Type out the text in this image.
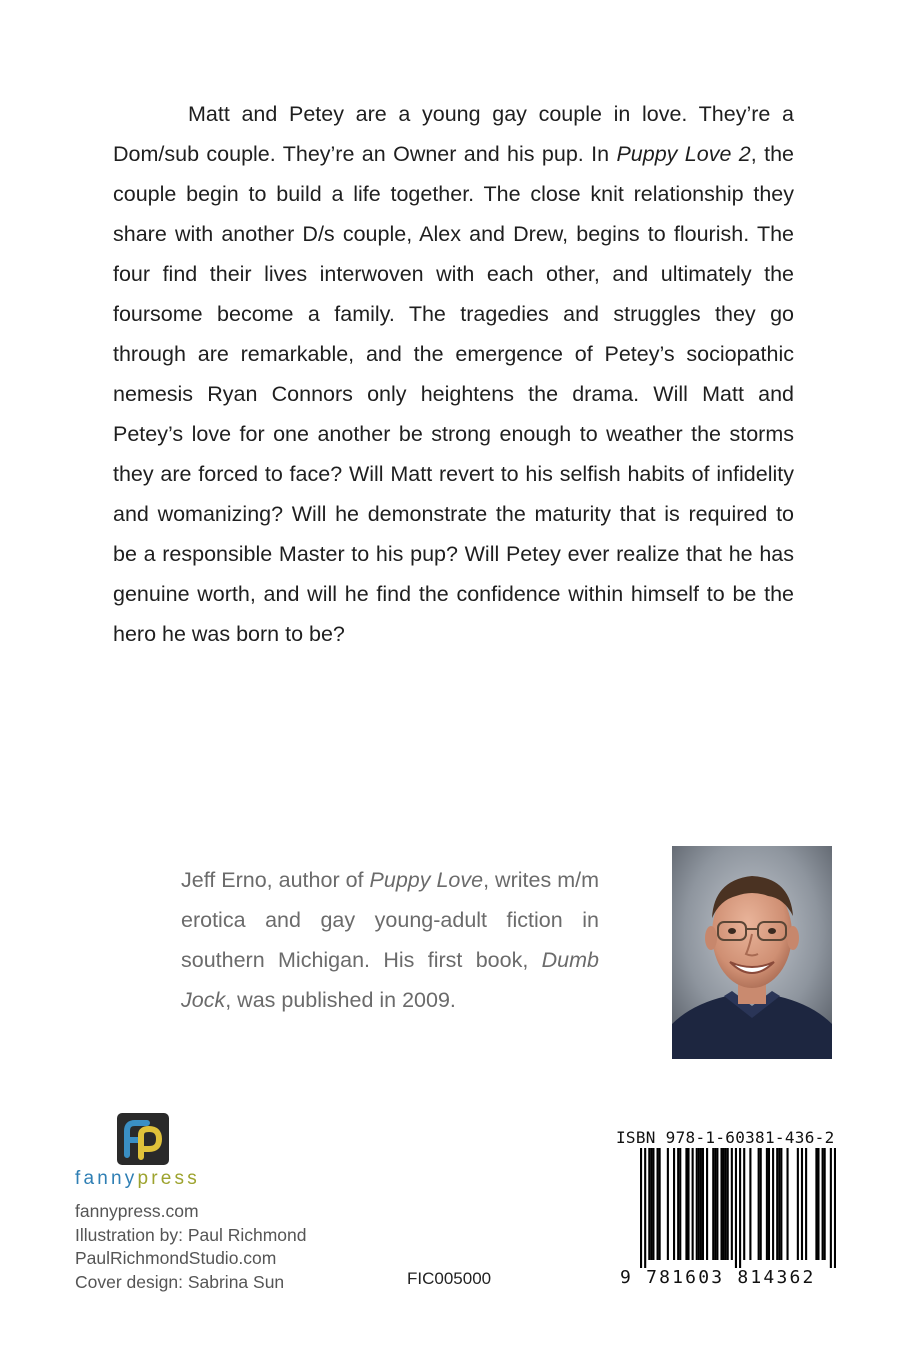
Matt and Petey are a young gay couple in love. They’re a Dom/sub couple. They’re an Owner and his pup. In Puppy Love 2, the couple begin to build a life together. The close knit relationship they share with another D/s couple, Alex and Drew, begins to flourish. The four find their lives interwoven with each other, and ultimately the foursome become a family. The tragedies and struggles they go through are remarkable, and the emergence of Petey’s sociopathic nemesis Ryan Connors only heightens the drama. Will Matt and Petey’s love for one another be strong enough to weather the storms they are forced to face? Will Matt revert to his selfish habits of infidelity and womanizing? Will he demonstrate the maturity that is required to be a responsible Master to his pup? Will Petey ever realize that he has genuine worth, and will he find the confidence within himself to be the hero he was born to be?

Jeff Erno, author of Puppy Love, writes m/m erotica and gay young-adult fiction in southern Michigan. His first book, Dumb Jock, was published in 2009.

fannypress
fannypress.com
Illustration by: Paul Richmond
PaulRichmondStudio.com
Cover design: Sabrina Sun	FIC005000
ISBN 978-1-60381-436-2
9 781603 814362
